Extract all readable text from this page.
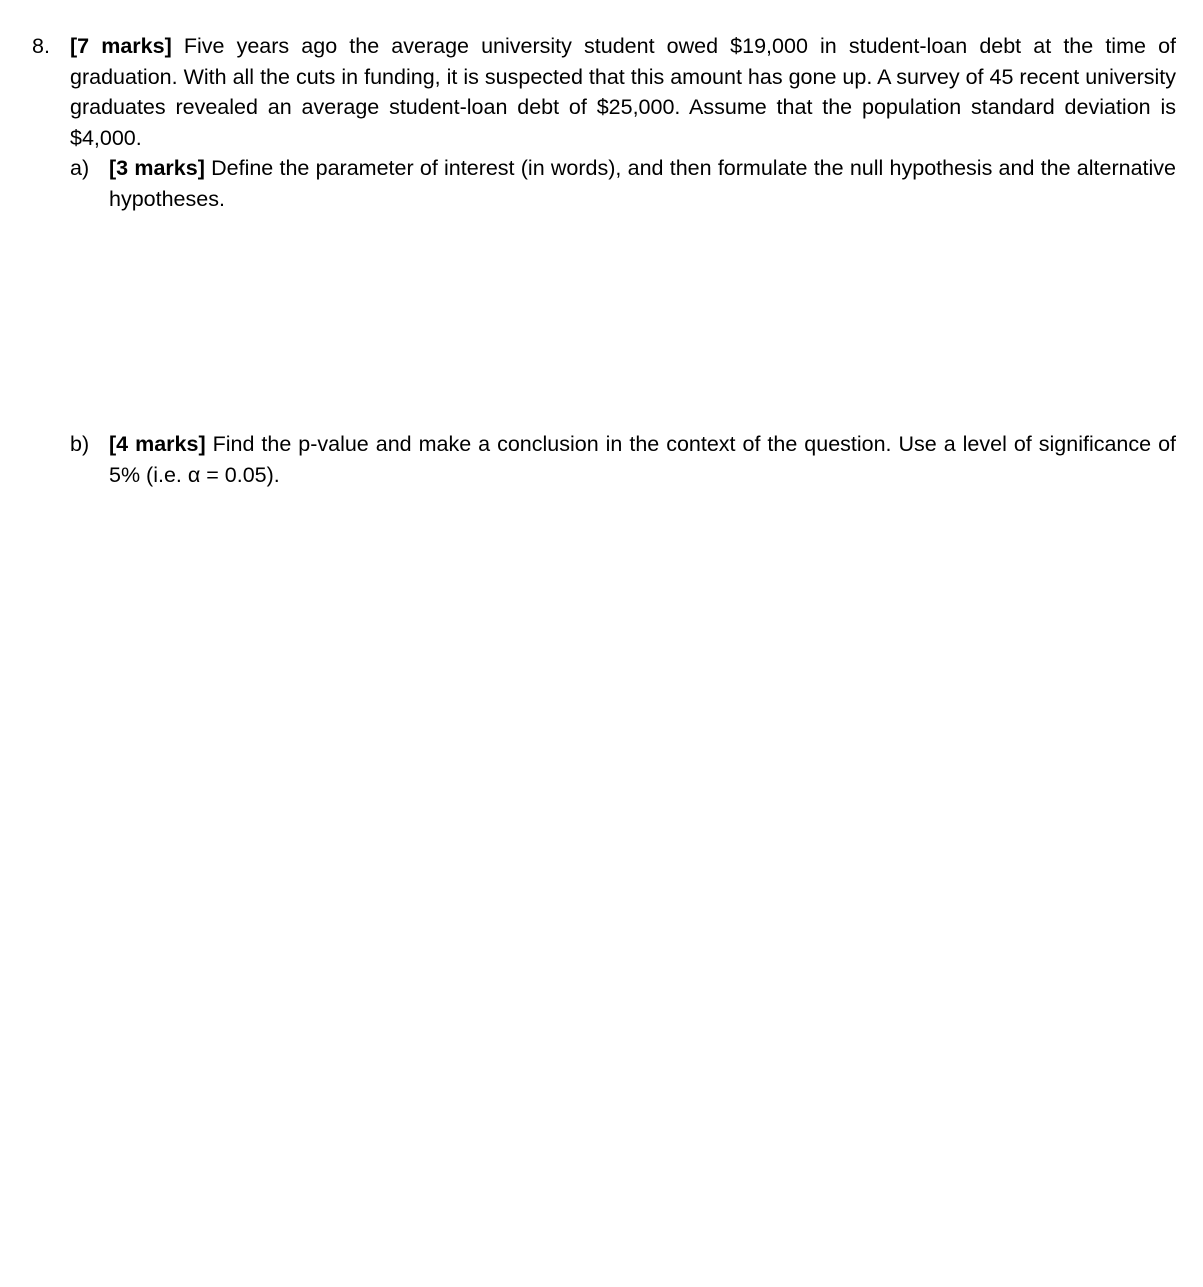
8. [7 marks] Five years ago the average university student owed $19,000 in student-loan debt at the time of graduation. With all the cuts in funding, it is suspected that this amount has gone up. A survey of 45 recent university graduates revealed an average student-loan debt of $25,000. Assume that the population standard deviation is $4,000.
a) [3 marks] Define the parameter of interest (in words), and then formulate the null hypothesis and the alternative hypotheses.
b) [4 marks] Find the p-value and make a conclusion in the context of the question. Use a level of significance of 5% (i.e. α = 0.05).
